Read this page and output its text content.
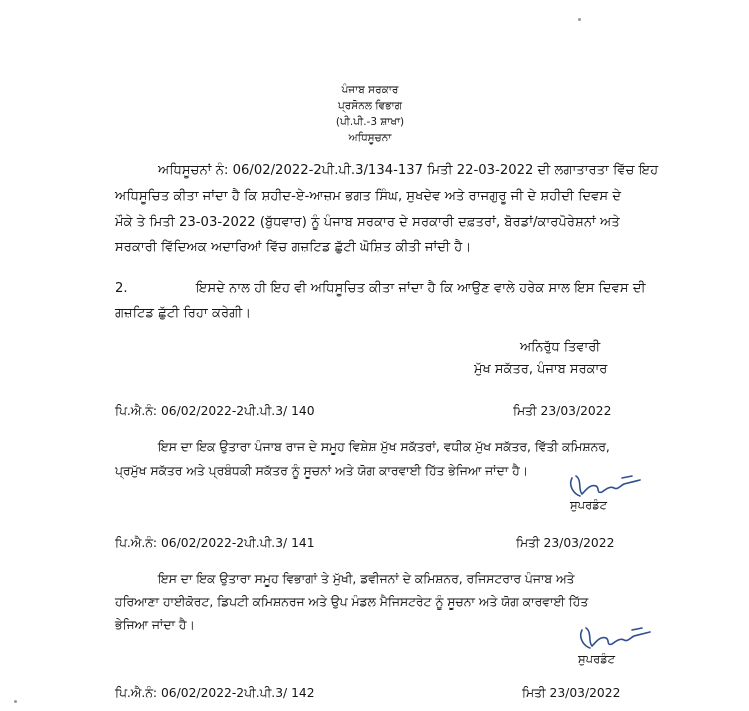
ਪੰਜਾਬ ਸਰਕਾਰ
ਪ੍ਰਸੋਨਲ ਵਿਭਾਗ
(ਪੀ.ਪੀ.-3 ਸ਼ਾਖਾ)
ਅਧਿਸੂਚਨਾ
ਅਧਿਸੂਚਨਾਂ ਨੰ: 06/02/2022-2ਪੀ.ਪੀ.3/134-137 ਮਿਤੀ 22-03-2022 ਦੀ ਲਗਾਤਾਰਤਾ ਵਿੱਚ ਇਹ
ਅਧਿਸੂਚਿਤ ਕੀਤਾ ਜਾਂਦਾ ਹੈ ਕਿ ਸ਼ਹੀਦ-ਏ-ਆਜ਼ਮ ਭਗਤ ਸਿੰਘ, ਸੁਖਦੇਵ ਅਤੇ ਰਾਜਗੁਰੂ ਜੀ ਦੇ ਸ਼ਹੀਦੀ ਦਿਵਸ ਦੇ
ਮੌਕੇ ਤੇ ਮਿਤੀ 23-03-2022 (ਬੁੱਧਵਾਰ) ਨੂੰ ਪੰਜਾਬ ਸਰਕਾਰ ਦੇ ਸਰਕਾਰੀ ਦਫ਼ਤਰਾਂ, ਬੋਰਡਾਂ/ਕਾਰਪੋਰੇਸ਼ਨਾਂ ਅਤੇ
ਸਰਕਾਰੀ ਵਿੱਦਿਅਕ ਅਦਾਰਿਆਂ ਵਿੱਚ ਗਜ਼ਟਿਡ ਛੁੱਟੀ ਘੋਸ਼ਿਤ ਕੀਤੀ ਜਾਂਦੀ ਹੈ।
2.	ਇਸਦੇ ਨਾਲ ਹੀ ਇਹ ਵੀ ਅਧਿਸੂਚਿਤ ਕੀਤਾ ਜਾਂਦਾ ਹੈ ਕਿ ਆਉਣ ਵਾਲੇ ਹਰੇਕ ਸਾਲ ਇਸ ਦਿਵਸ ਦੀ
ਗਜ਼ਟਿਡ ਛੁੱਟੀ ਰਿਹਾ ਕਰੇਗੀ।
ਅਨਿਰੁੱਧ ਤਿਵਾਰੀ
ਮੁੱਖ ਸਕੱਤਰ, ਪੰਜਾਬ ਸਰਕਾਰ
ਪਿ.ਐ.ਨੰ: 06/02/2022-2ਪੀ.ਪੀ.3/ 140	ਮਿਤੀ 23/03/2022
ਇਸ ਦਾ ਇਕ ਉਤਾਰਾ ਪੰਜਾਬ ਰਾਜ ਦੇ ਸਮੂਹ ਵਿਸ਼ੇਸ਼ ਮੁੱਖ ਸਕੱਤਰਾਂ, ਵਧੀਕ ਮੁੱਖ ਸਕੱਤਰ, ਵਿੱਤੀ ਕਮਿਸ਼ਨਰ,
ਪ੍ਰਮੁੱਖ ਸਕੱਤਰ ਅਤੇ ਪ੍ਰਬੰਧਕੀ ਸਕੱਤਰ ਨੂੰ ਸੂਚਨਾਂ ਅਤੇ ਯੋਗ ਕਾਰਵਾਈ ਹਿੱਤ ਭੇਜਿਆ ਜਾਂਦਾ ਹੈ।
ਸੁਪਰਡੰਟ
ਪਿ.ਐ.ਨੰ: 06/02/2022-2ਪੀ.ਪੀ.3/ 141	ਮਿਤੀ 23/03/2022
ਇਸ ਦਾ ਇਕ ਉਤਾਰਾ ਸਮੂਹ ਵਿਭਾਗਾਂ ਤੇ ਮੁੱਖੀ, ਡਵੀਜਨਾਂ ਦੇ ਕਮਿਸ਼ਨਰ, ਰਜਿਸਟਰਾਰ ਪੰਜਾਬ ਅਤੇ
ਹਰਿਆਣਾ ਹਾਈਕੋਰਟ, ਡਿਪਟੀ ਕਮਿਸ਼ਨਰਜ ਅਤੇ ਉਪ ਮੰਡਲ ਮੈਜਿਸਟਰੇਟ ਨੂੰ ਸੂਚਨਾ ਅਤੇ ਯੋਗ ਕਾਰਵਾਈ ਹਿੱਤ
ਭੇਜਿਆ ਜਾਂਦਾ ਹੈ।
ਸੁਪਰਡੰਟ
ਪਿ.ਐ.ਨੰ: 06/02/2022-2ਪੀ.ਪੀ.3/ 142	ਮਿਤੀ 23/03/2022
